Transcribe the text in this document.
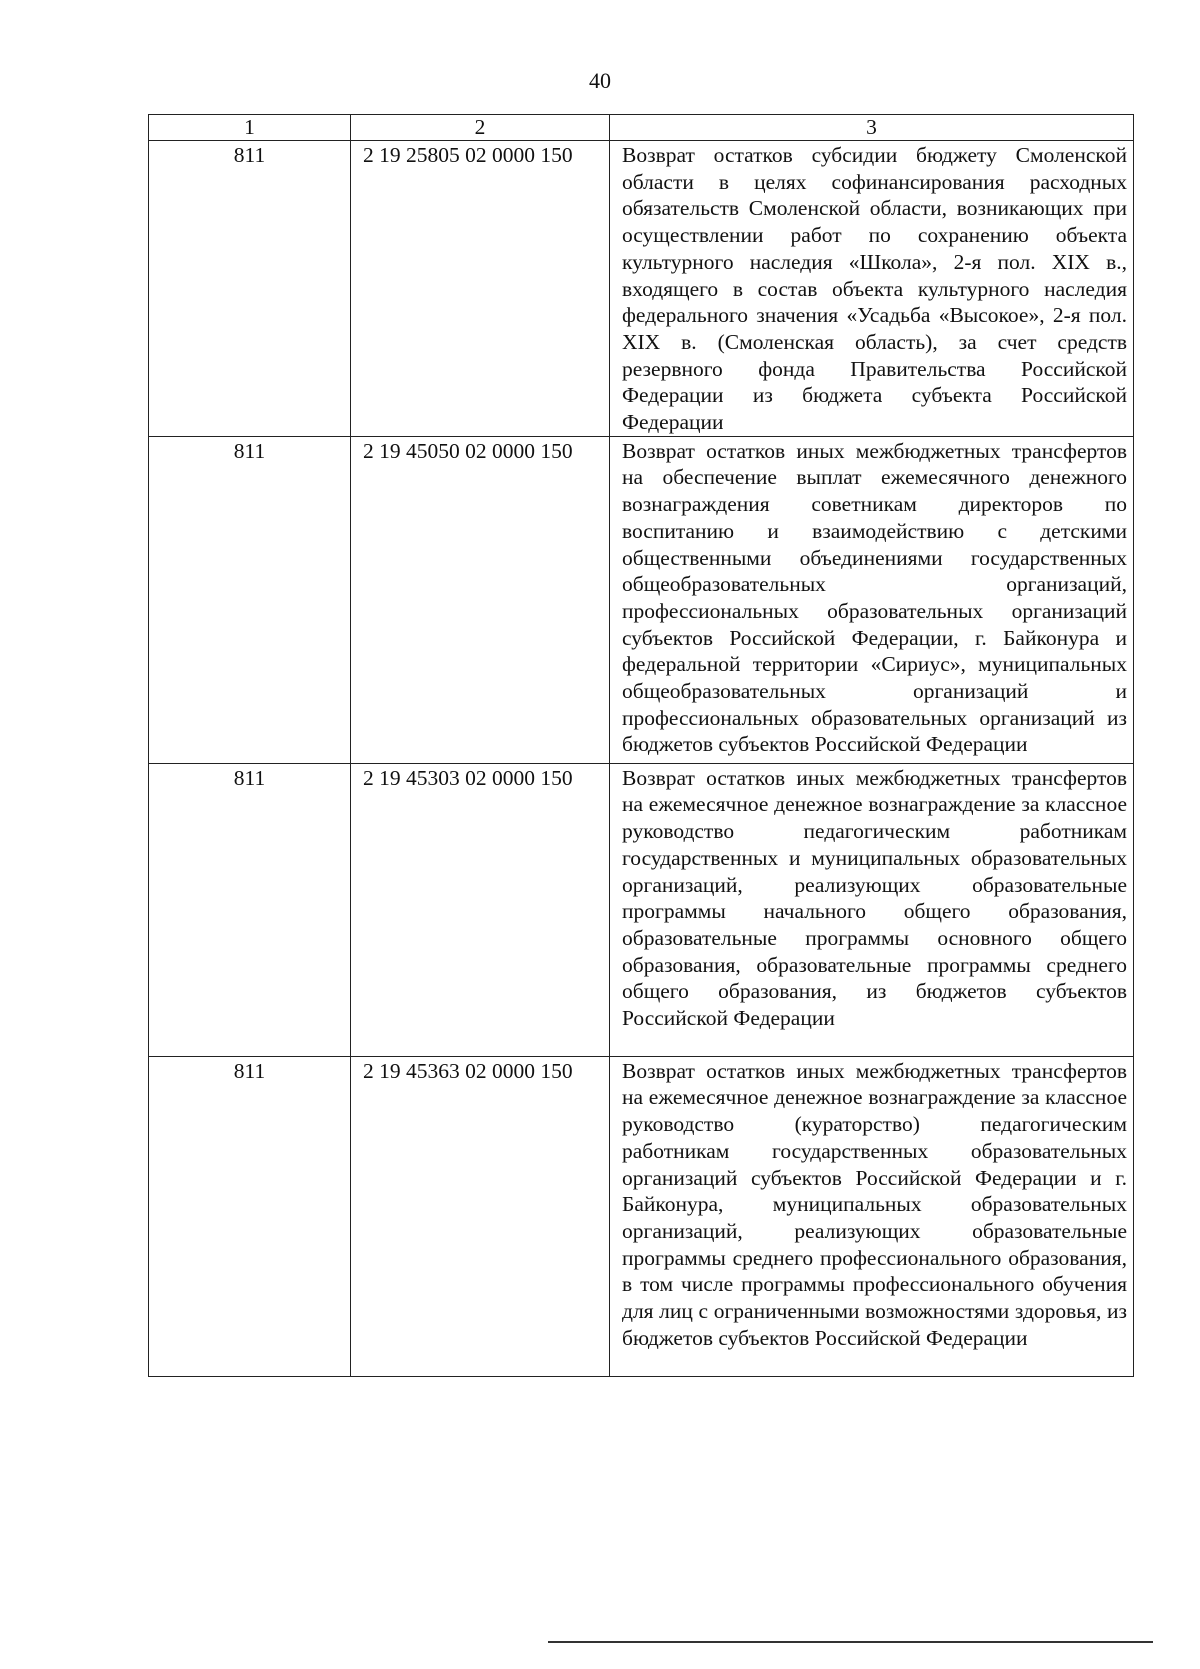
40
1	2	3
811	2 19 25805 02 0000 150	Возврат остатков субсидии бюджету Смоленской области в целях софинансирования расходных обязательств Смоленской области, возникающих при осуществлении работ по сохранению объекта культурного наследия «Школа», 2-я пол. XIX в., входящего в состав объекта культурного наследия федерального значения «Усадьба «Высокое», 2-я пол. XIX в. (Смоленская область), за счет средств резервного фонда Правительства Российской Федерации из бюджета субъекта Российской Федерации
811	2 19 45050 02 0000 150	Возврат остатков иных межбюджетных трансфертов на обеспечение выплат ежемесячного денежного вознаграждения советникам директоров по воспитанию и взаимодействию с детскими общественными объединениями государственных общеобразовательных организаций, профессиональных образовательных организаций субъектов Российской Федерации, г. Байконура и федеральной территории «Сириус», муниципальных общеобразовательных организаций и профессиональных образовательных организаций из бюджетов субъектов Российской Федерации
811	2 19 45303 02 0000 150	Возврат остатков иных межбюджетных трансфертов на ежемесячное денежное вознаграждение за классное руководство педагогическим работникам государственных и муниципальных образовательных организаций, реализующих образовательные программы начального общего образования, образовательные программы основного общего образования, образовательные программы среднего общего образования, из бюджетов субъектов Российской Федерации
811	2 19 45363 02 0000 150	Возврат остатков иных межбюджетных трансфертов на ежемесячное денежное вознаграждение за классное руководство (кураторство) педагогическим работникам государственных образовательных организаций субъектов Российской Федерации и г. Байконура, муниципальных образовательных организаций, реализующих образовательные программы среднего профессионального образования, в том числе программы профессионального обучения для лиц с ограниченными возможностями здоровья, из бюджетов субъектов Российской Федерации
